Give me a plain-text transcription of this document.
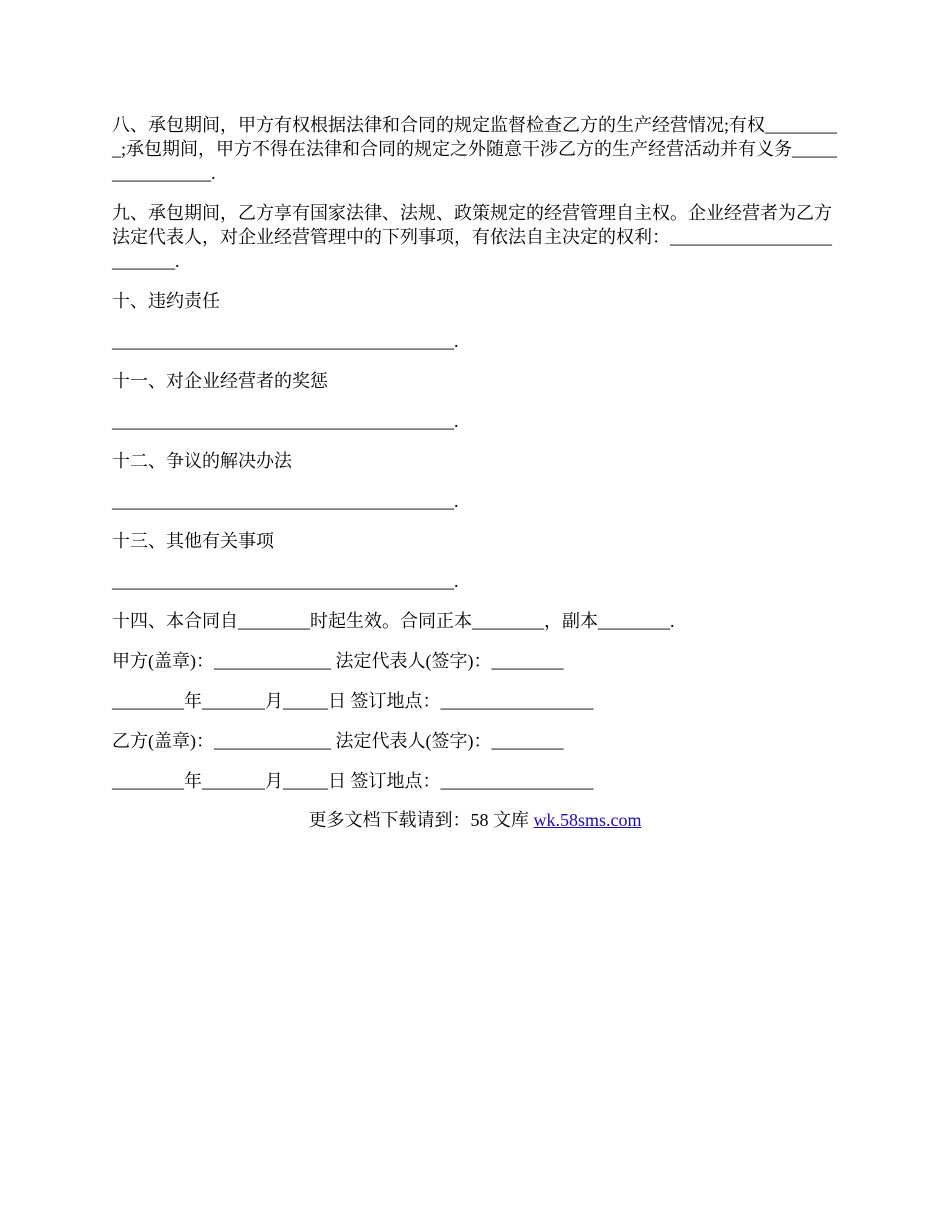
八、承包期间，甲方有权根据法律和合同的规定监督检查乙方的生产经营情况;有权_________;承包期间，甲方不得在法律和合同的规定之外随意干涉乙方的生产经营活动并有义务________________.

九、承包期间，乙方享有国家法律、法规、政策规定的经营管理自主权。企业经营者为乙方法定代表人，对企业经营管理中的下列事项，有依法自主决定的权利：_________________________.

十、违约责任

______________________________________.

十一、对企业经营者的奖惩

______________________________________.

十二、争议的解决办法

______________________________________.

十三、其他有关事项

______________________________________.

十四、本合同自________时起生效。合同正本________，副本________.

甲方(盖章)：_____________ 法定代表人(签字)：________

________年_______月_____日 签订地点：_________________

乙方(盖章)：_____________ 法定代表人(签字)：________

________年_______月_____日 签订地点：_________________

更多文档下载请到：58 文库 wk.58sms.com
